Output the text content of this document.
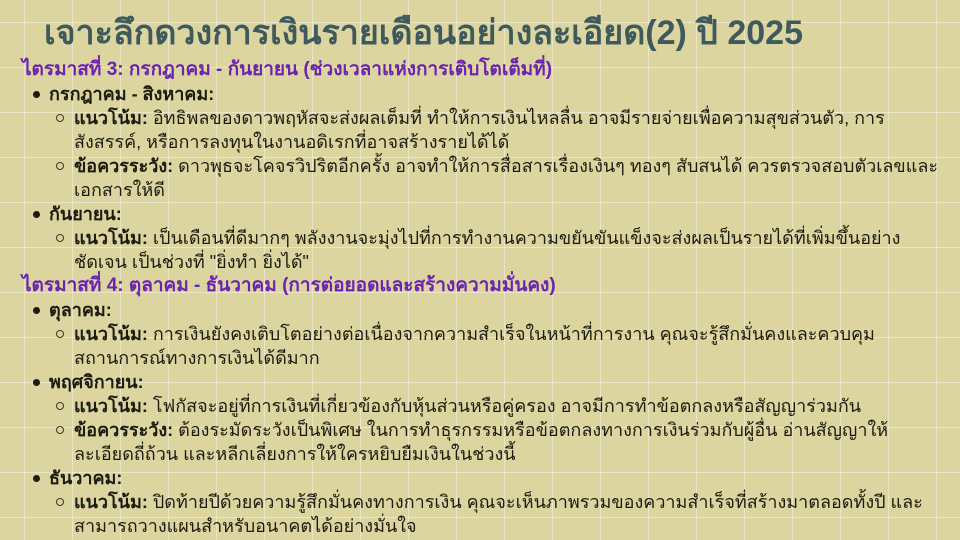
เจาะลึกดวงการเงินรายเดือนอย่างละเอียด(2) ปี 2025
ไตรมาสที่ 3: กรกฎาคม - กันยายน (ช่วงเวลาแห่งการเติบโตเต็มที่)
กรกฎาคม - สิงหาคม:
แนวโน้ม: อิทธิพลของดาวพฤหัสจะส่งผลเต็มที่ ทำให้การเงินไหลลื่น อาจมีรายจ่ายเพื่อความสุขส่วนตัว, การสังสรรค์, หรือการลงทุนในงานอดิเรกที่อาจสร้างรายได้ได้
ข้อควรระวัง: ดาวพุธจะโคจรวิปริตอีกครั้ง อาจทำให้การสื่อสารเรื่องเงินๆ ทองๆ สับสนได้ ควรตรวจสอบตัวเลขและเอกสารให้ดี
กันยายน:
แนวโน้ม: เป็นเดือนที่ดีมากๆ พลังงานจะมุ่งไปที่การทำงานความขยันขันแข็งจะส่งผลเป็นรายได้ที่เพิ่มขึ้นอย่างชัดเจน เป็นช่วงที่ "ยิ่งทำ ยิ่งได้"
ไตรมาสที่ 4: ตุลาคม - ธันวาคม (การต่อยอดและสร้างความมั่นคง)
ตุลาคม:
แนวโน้ม: การเงินยังคงเติบโตอย่างต่อเนื่องจากความสำเร็จในหน้าที่การงาน คุณจะรู้สึกมั่นคงและควบคุมสถานการณ์ทางการเงินได้ดีมาก
พฤศจิกายน:
แนวโน้ม: โฟกัสจะอยู่ที่การเงินที่เกี่ยวข้องกับหุ้นส่วนหรือคู่ครอง อาจมีการทำข้อตกลงหรือสัญญาร่วมกัน
ข้อควรระวัง: ต้องระมัดระวังเป็นพิเศษ ในการทำธุรกรรมหรือข้อตกลงทางการเงินร่วมกับผู้อื่น อ่านสัญญาให้ละเอียดถี่ถ้วน และหลีกเลี่ยงการให้ใครหยิบยืมเงินในช่วงนี้
ธันวาคม:
แนวโน้ม: ปิดท้ายปีด้วยความรู้สึกมั่นคงทางการเงิน คุณจะเห็นภาพรวมของความสำเร็จที่สร้างมาตลอดทั้งปี และสามารถวางแผนสำหรับอนาคตได้อย่างมั่นใจ
